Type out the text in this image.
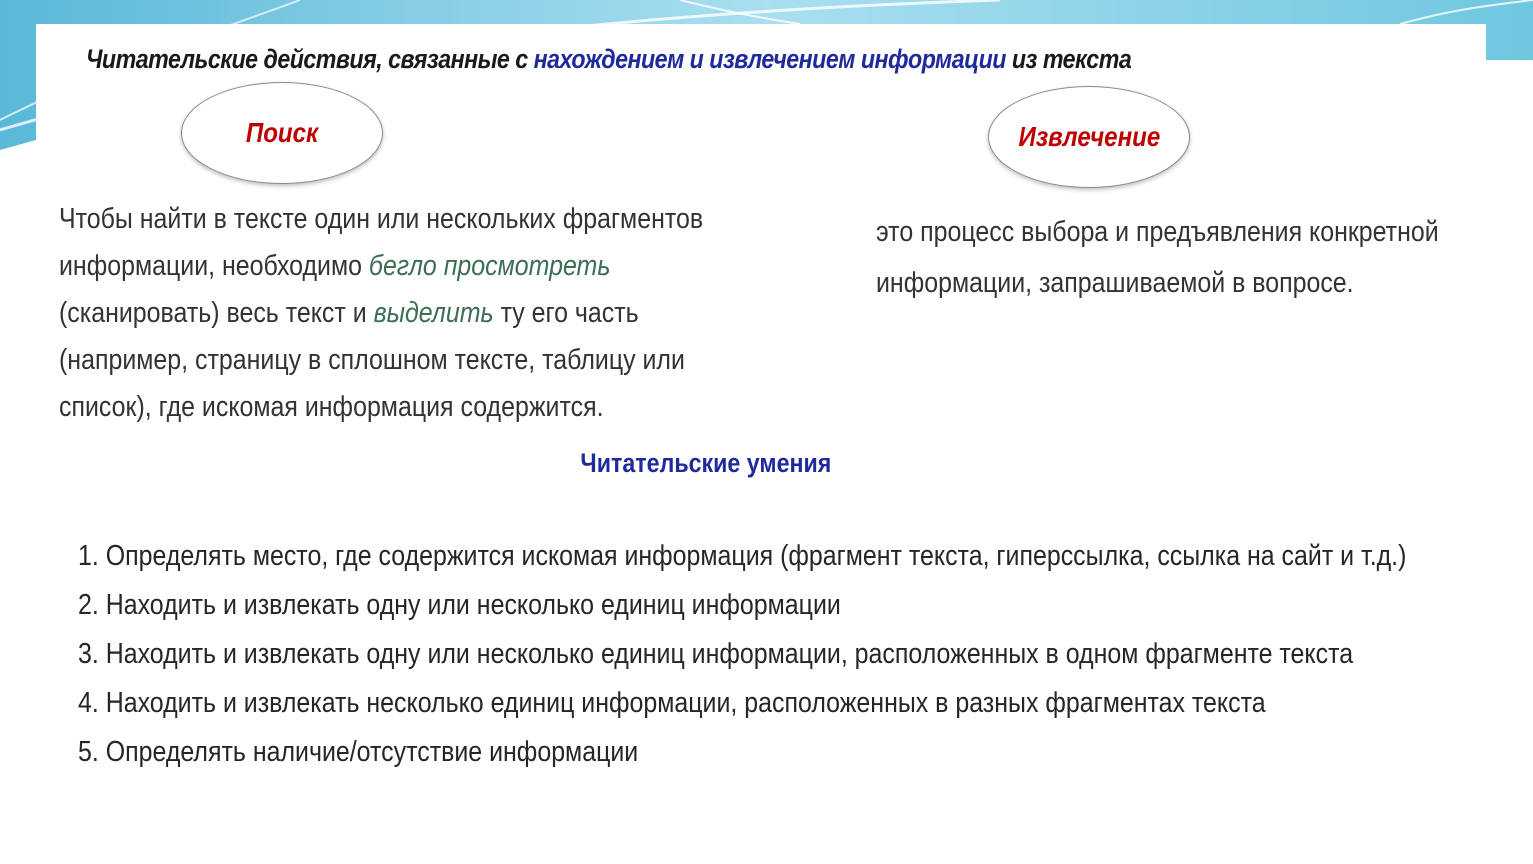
Читательские действия, связанные с нахождением и извлечением информации из текста
Поиск	Извлечение

Чтобы найти в тексте один или нескольких фрагментов информации, необходимо бегло просмотреть (сканировать) весь текст и выделить ту его часть (например, страницу в сплошном тексте, таблицу или список), где искомая информация содержится.

это процесс выбора и предъявления конкретной информации, запрашиваемой в вопросе.

Читательские умения
1. Определять место, где содержится искомая информация (фрагмент текста, гиперссылка, ссылка на сайт и т.д.)
2. Находить и извлекать одну или несколько единиц информации
3. Находить и извлекать одну или несколько единиц информации, расположенных в одном фрагменте текста
4. Находить и извлекать несколько единиц информации, расположенных в разных фрагментах текста
5. Определять наличие/отсутствие информации
